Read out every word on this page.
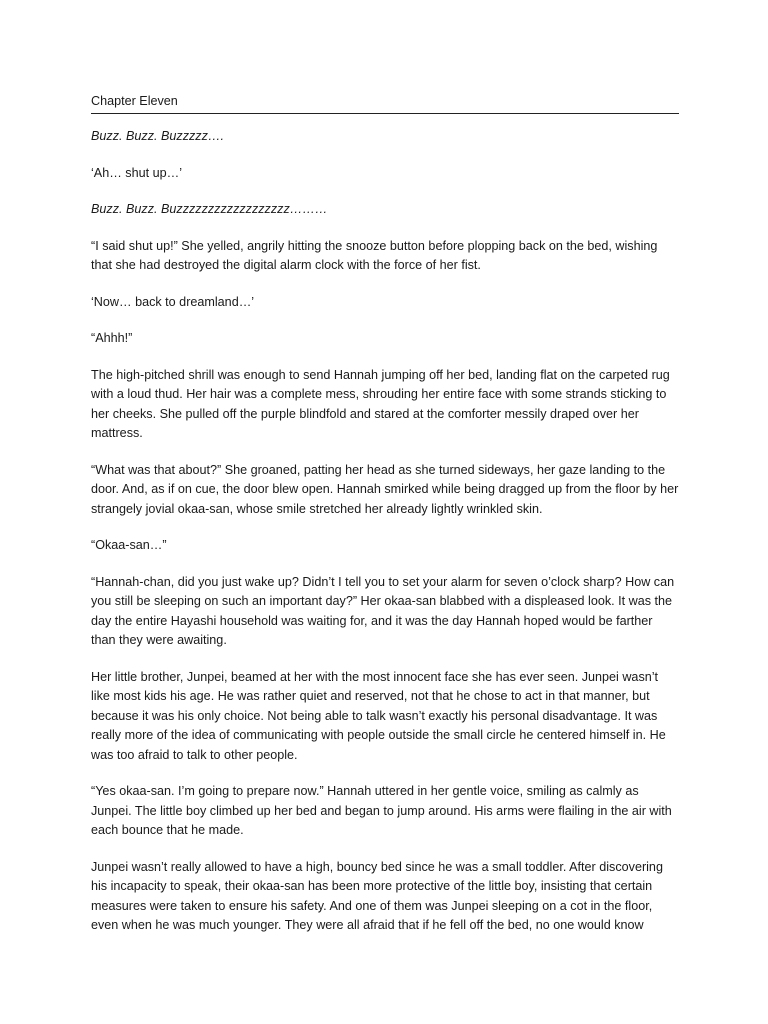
Chapter Eleven

Buzz. Buzz. Buzzzzz….

‘Ah… shut up…’

Buzz. Buzz. Buzzzzzzzzzzzzzzzzzz………

“I said shut up!” She yelled, angrily hitting the snooze button before plopping back on the bed, wishing that she had destroyed the digital alarm clock with the force of her fist.

‘Now… back to dreamland…’

“Ahhh!”

The high-pitched shrill was enough to send Hannah jumping off her bed, landing flat on the carpeted rug with a loud thud. Her hair was a complete mess, shrouding her entire face with some strands sticking to her cheeks. She pulled off the purple blindfold and stared at the comforter messily draped over her mattress.

“What was that about?” She groaned, patting her head as she turned sideways, her gaze landing to the door. And, as if on cue, the door blew open. Hannah smirked while being dragged up from the floor by her strangely jovial okaa-san, whose smile stretched her already lightly wrinkled skin.

“Okaa-san…”

“Hannah-chan, did you just wake up? Didn’t I tell you to set your alarm for seven o’clock sharp? How can you still be sleeping on such an important day?” Her okaa-san blabbed with a displeased look. It was the day the entire Hayashi household was waiting for, and it was the day Hannah hoped would be farther than they were awaiting.

Her little brother, Junpei, beamed at her with the most innocent face she has ever seen. Junpei wasn’t like most kids his age. He was rather quiet and reserved, not that he chose to act in that manner, but because it was his only choice. Not being able to talk wasn’t exactly his personal disadvantage. It was really more of the idea of communicating with people outside the small circle he centered himself in. He was too afraid to talk to other people.

“Yes okaa-san. I’m going to prepare now.” Hannah uttered in her gentle voice, smiling as calmly as Junpei. The little boy climbed up her bed and began to jump around. His arms were flailing in the air with each bounce that he made.

Junpei wasn’t really allowed to have a high, bouncy bed since he was a small toddler. After discovering his incapacity to speak, their okaa-san has been more protective of the little boy, insisting that certain measures were taken to ensure his safety. And one of them was Junpei sleeping on a cot in the floor, even when he was much younger. They were all afraid that if he fell off the bed, no one would know
